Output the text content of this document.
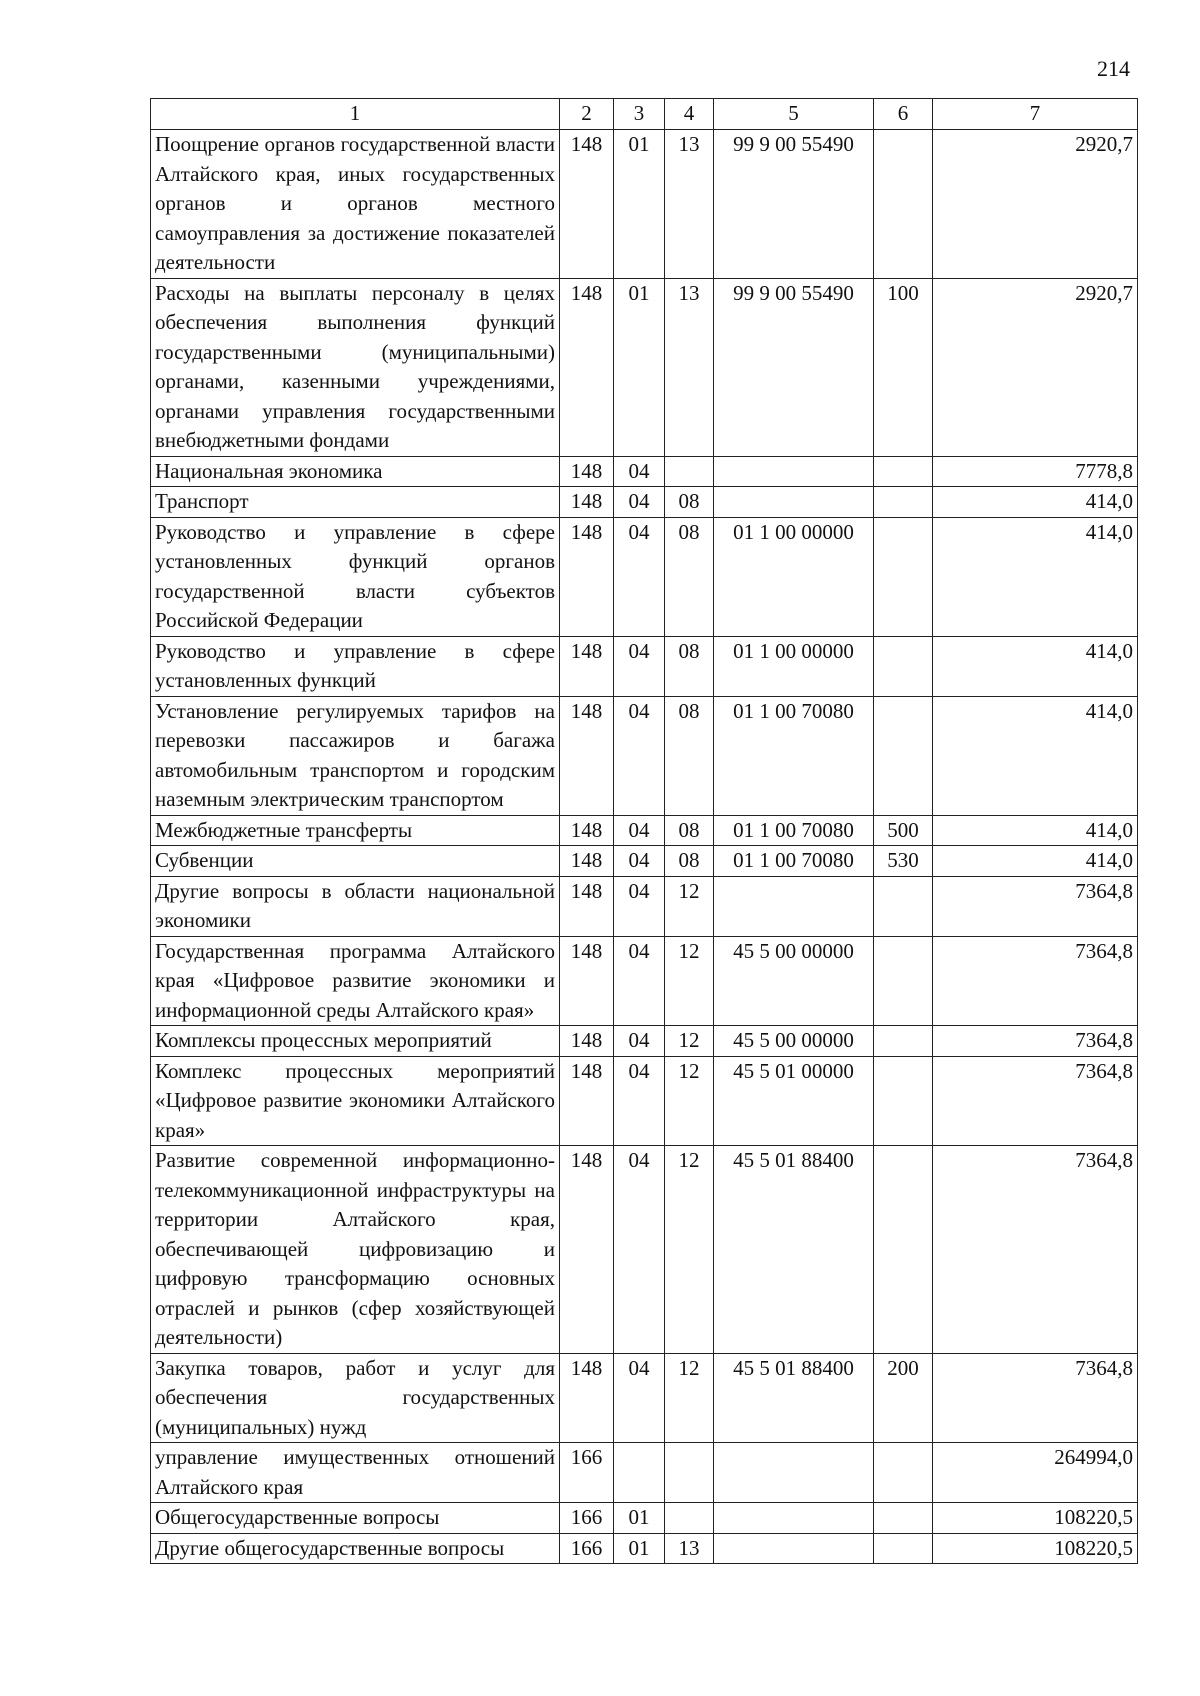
214
1	2	3	4	5	6	7
Поощрение органов государственной власти Алтайского края, иных государственных органов и органов местного самоуправления за достижение показателей деятельности	148	01	13	99 9 00 55490		2920,7
Расходы на выплаты персоналу в целях обеспечения выполнения функций государственными (муниципальными) органами, казенными учреждениями, органами управления государственными внебюджетными фондами	148	01	13	99 9 00 55490	100	2920,7
Национальная экономика	148	04				7778,8
Транспорт	148	04	08			414,0
Руководство и управление в сфере установленных функций органов государственной власти субъектов Российской Федерации	148	04	08	01 1 00 00000		414,0
Руководство и управление в сфере установленных функций	148	04	08	01 1 00 00000		414,0
Установление регулируемых тарифов на перевозки пассажиров и багажа автомобильным транспортом и городским наземным электрическим транспортом	148	04	08	01 1 00 70080		414,0
Межбюджетные трансферты	148	04	08	01 1 00 70080	500	414,0
Субвенции	148	04	08	01 1 00 70080	530	414,0
Другие вопросы в области национальной экономики	148	04	12			7364,8
Государственная программа Алтайского края «Цифровое развитие экономики и информационной среды Алтайского края»	148	04	12	45 5 00 00000		7364,8
Комплексы процессных мероприятий	148	04	12	45 5 00 00000		7364,8
Комплекс процессных мероприятий «Цифровое развитие экономики Алтайского края»	148	04	12	45 5 01 00000		7364,8
Развитие современной информационно-телекоммуникационной инфраструктуры на территории Алтайского края, обеспечивающей цифровизацию и цифровую трансформацию основных отраслей и рынков (сфер хозяйствующей деятельности)	148	04	12	45 5 01 88400		7364,8
Закупка товаров, работ и услуг для обеспечения государственных (муниципальных) нужд	148	04	12	45 5 01 88400	200	7364,8
управление имущественных отношений Алтайского края	166					264994,0
Общегосударственные вопросы	166	01				108220,5
Другие общегосударственные вопросы	166	01	13			108220,5
